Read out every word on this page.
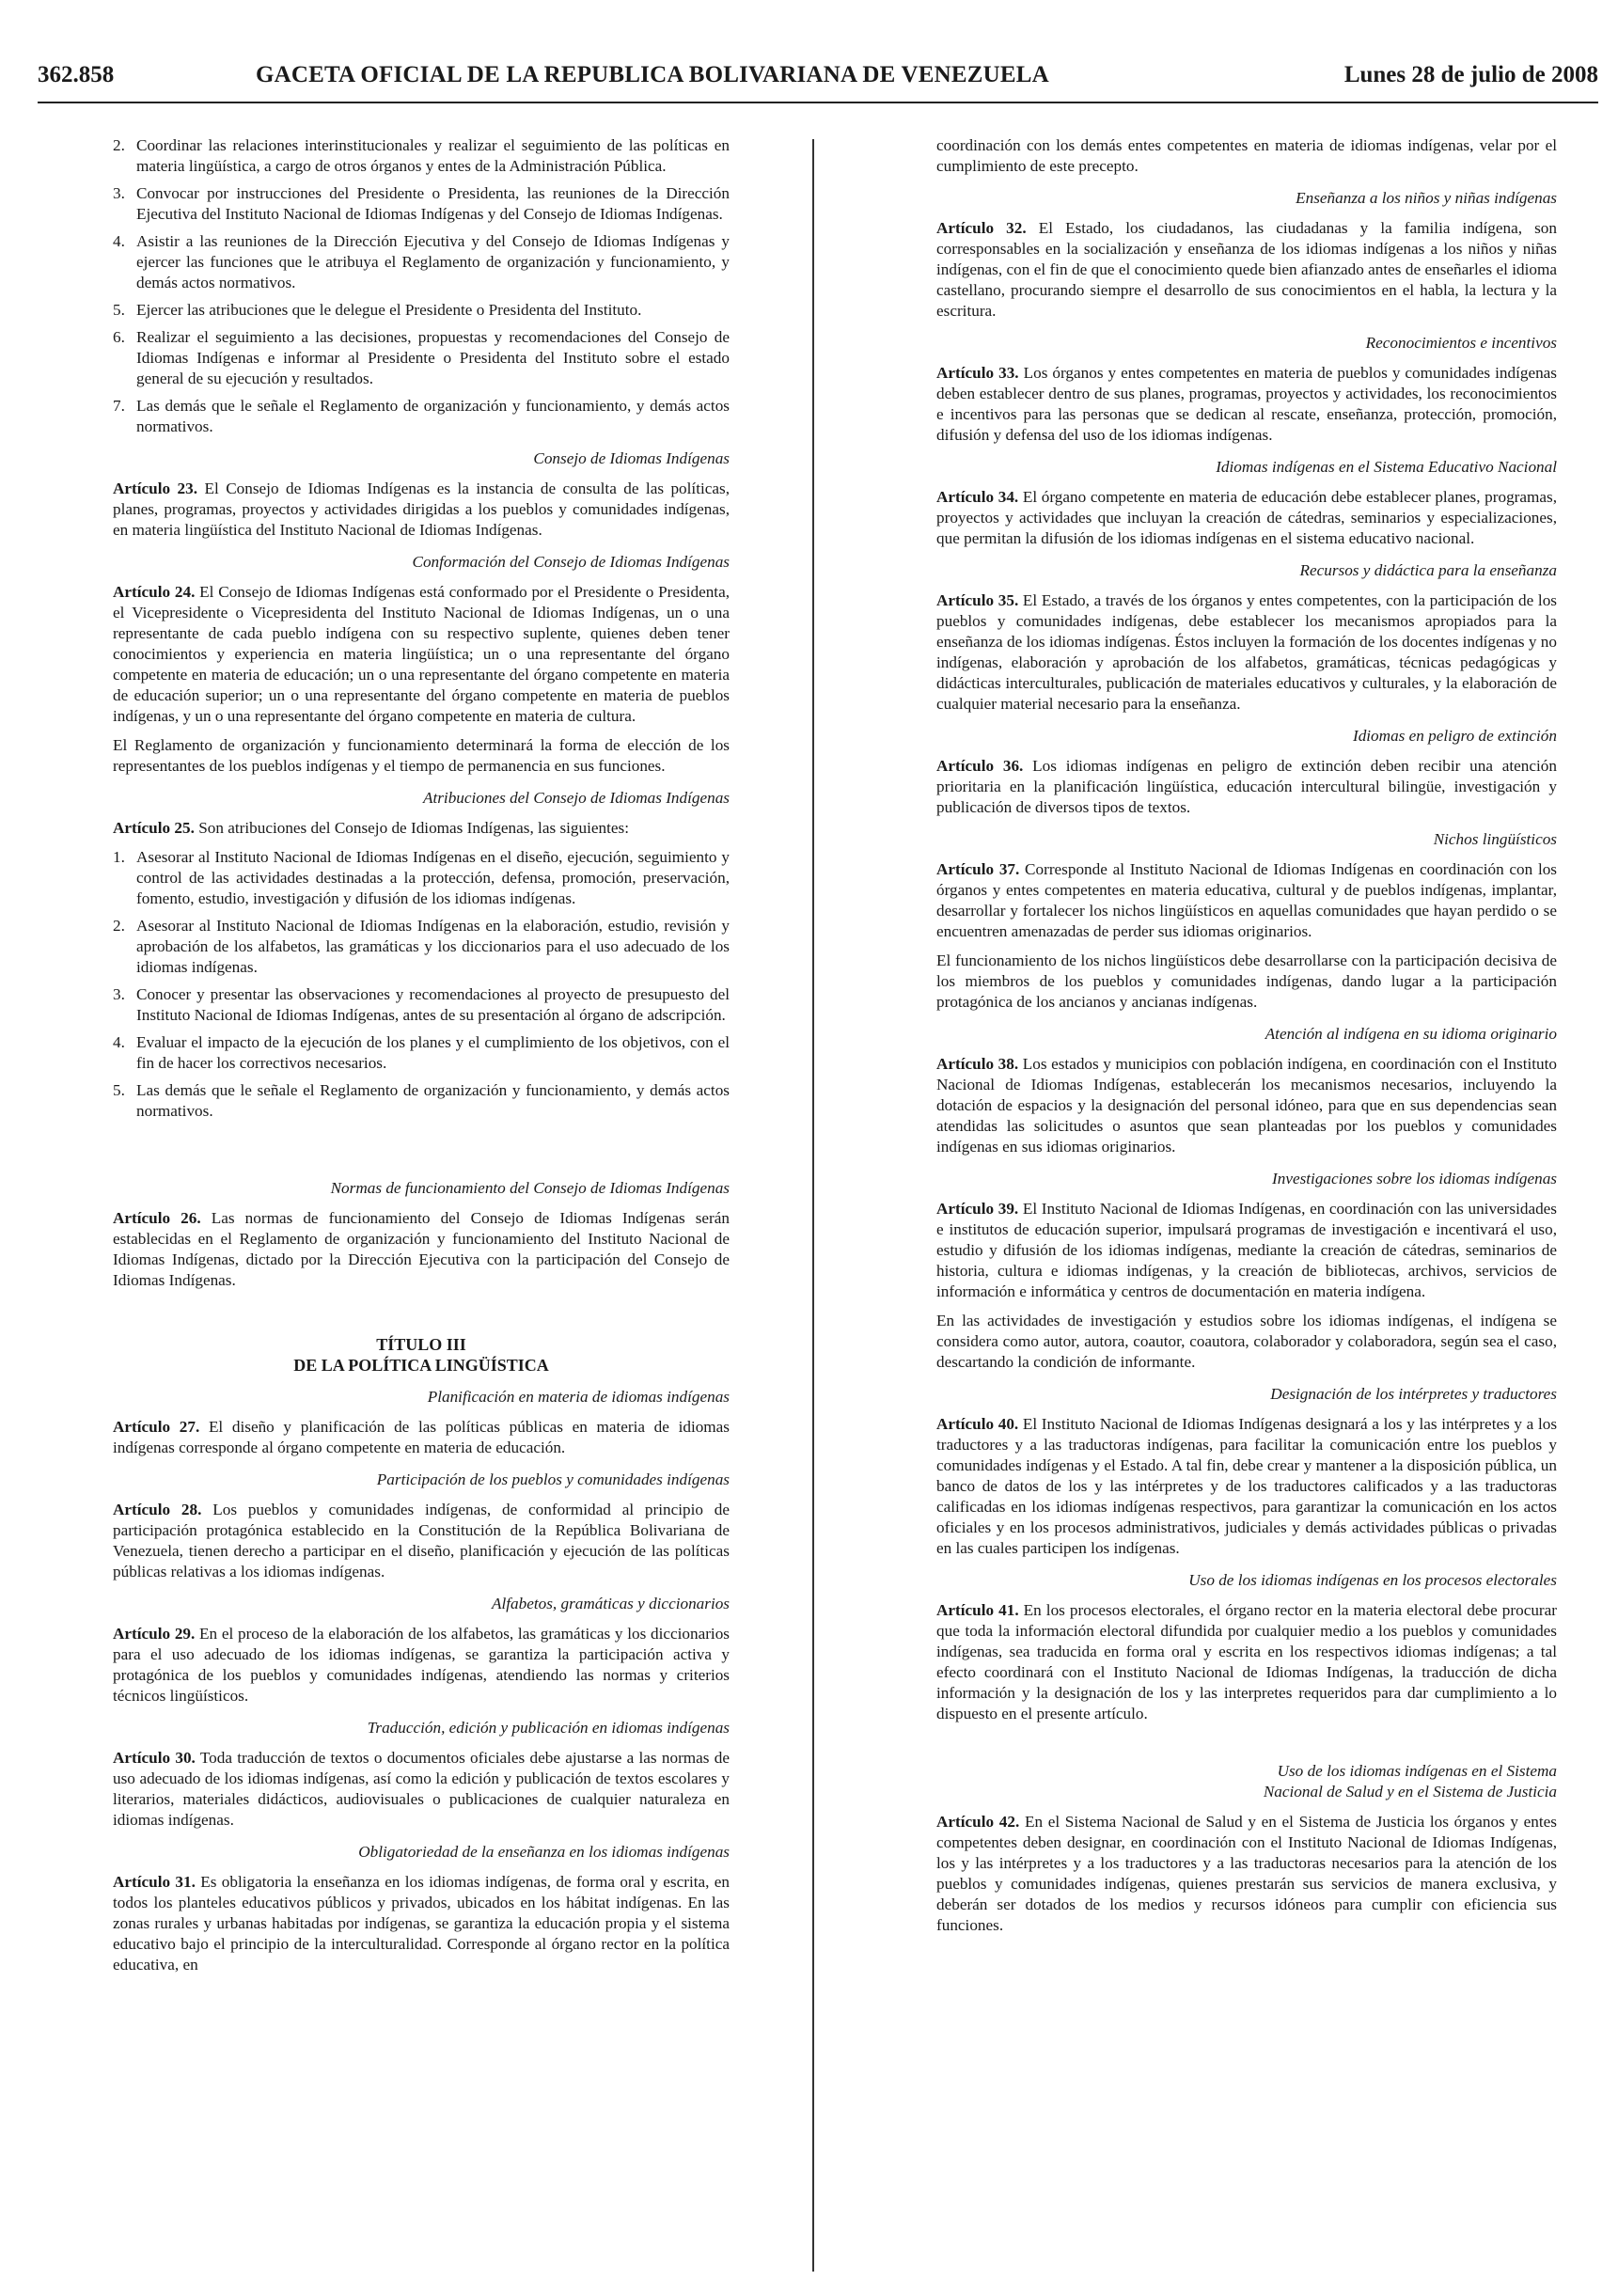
362.858	GACETA OFICIAL DE LA REPUBLICA BOLIVARIANA DE VENEZUELA	Lunes 28 de julio de 2008
2. Coordinar las relaciones interinstitucionales y realizar el seguimiento de las políticas en materia lingüística, a cargo de otros órganos y entes de la Administración Pública.
3. Convocar por instrucciones del Presidente o Presidenta, las reuniones de la Dirección Ejecutiva del Instituto Nacional de Idiomas Indígenas y del Consejo de Idiomas Indígenas.
4. Asistir a las reuniones de la Dirección Ejecutiva y del Consejo de Idiomas Indígenas y ejercer las funciones que le atribuya el Reglamento de organización y funcionamiento, y demás actos normativos.
5. Ejercer las atribuciones que le delegue el Presidente o Presidenta del Instituto.
6. Realizar el seguimiento a las decisiones, propuestas y recomendaciones del Consejo de Idiomas Indígenas e informar al Presidente o Presidenta del Instituto sobre el estado general de su ejecución y resultados.
7. Las demás que le señale el Reglamento de organización y funcionamiento, y demás actos normativos.
Consejo de Idiomas Indígenas

Artículo 23. El Consejo de Idiomas Indígenas es la instancia de consulta de las políticas, planes, programas, proyectos y actividades dirigidas a los pueblos y comunidades indígenas, en materia lingüística del Instituto Nacional de Idiomas Indígenas.

Conformación del Consejo de Idiomas Indígenas

Artículo 24. El Consejo de Idiomas Indígenas está conformado por el Presidente o Presidenta, el Vicepresidente o Vicepresidenta del Instituto Nacional de Idiomas Indígenas, un o una representante de cada pueblo indígena con su respectivo suplente, quienes deben tener conocimientos y experiencia en materia lingüística; un o una representante del órgano competente en materia de educación; un o una representante del órgano competente en materia de educación superior; un o una representante del órgano competente en materia de pueblos indígenas, y un o una representante del órgano competente en materia de cultura.

El Reglamento de organización y funcionamiento determinará la forma de elección de los representantes de los pueblos indígenas y el tiempo de permanencia en sus funciones.

Atribuciones del Consejo de Idiomas Indígenas

Artículo 25. Son atribuciones del Consejo de Idiomas Indígenas, las siguientes:

1. Asesorar al Instituto Nacional de Idiomas Indígenas en el diseño, ejecución, seguimiento y control de las actividades destinadas a la protección, defensa, promoción, preservación, fomento, estudio, investigación y difusión de los idiomas indígenas.
2. Asesorar al Instituto Nacional de Idiomas Indígenas en la elaboración, estudio, revisión y aprobación de los alfabetos, las gramáticas y los diccionarios para el uso adecuado de los idiomas indígenas.
3. Conocer y presentar las observaciones y recomendaciones al proyecto de presupuesto del Instituto Nacional de Idiomas Indígenas, antes de su presentación al órgano de adscripción.
4. Evaluar el impacto de la ejecución de los planes y el cumplimiento de los objetivos, con el fin de hacer los correctivos necesarios.
5. Las demás que le señale el Reglamento de organización y funcionamiento, y demás actos normativos.
Normas de funcionamiento del Consejo de Idiomas Indígenas

Artículo 26. Las normas de funcionamiento del Consejo de Idiomas Indígenas serán establecidas en el Reglamento de organización y funcionamiento del Instituto Nacional de Idiomas Indígenas, dictado por la Dirección Ejecutiva con la participación del Consejo de Idiomas Indígenas.

TÍTULO III
DE LA POLÍTICA LINGÜÍSTICA
Planificación en materia de idiomas indígenas

Artículo 27. El diseño y planificación de las políticas públicas en materia de idiomas indígenas corresponde al órgano competente en materia de educación.

Participación de los pueblos y comunidades indígenas

Artículo 28. Los pueblos y comunidades indígenas, de conformidad al principio de participación protagónica establecido en la Constitución de la República Bolivariana de Venezuela, tienen derecho a participar en el diseño, planificación y ejecución de las políticas públicas relativas a los idiomas indígenas.

Alfabetos, gramáticas y diccionarios

Artículo 29. En el proceso de la elaboración de los alfabetos, las gramáticas y los diccionarios para el uso adecuado de los idiomas indígenas, se garantiza la participación activa y protagónica de los pueblos y comunidades indígenas, atendiendo las normas y criterios técnicos lingüísticos.

Traducción, edición y publicación en idiomas indígenas

Artículo 30. Toda traducción de textos o documentos oficiales debe ajustarse a las normas de uso adecuado de los idiomas indígenas, así como la edición y publicación de textos escolares y literarios, materiales didácticos, audiovisuales o publicaciones de cualquier naturaleza en idiomas indígenas.

Obligatoriedad de la enseñanza en los idiomas indígenas

Artículo 31. Es obligatoria la enseñanza en los idiomas indígenas, de forma oral y escrita, en todos los planteles educativos públicos y privados, ubicados en los hábitat indígenas. En las zonas rurales y urbanas habitadas por indígenas, se garantiza la educación propia y el sistema educativo bajo el principio de la interculturalidad. Corresponde al órgano rector en la política educativa, en

coordinación con los demás entes competentes en materia de idiomas indígenas, velar por el cumplimiento de este precepto.

Enseñanza a los niños y niñas indígenas

Artículo 32. El Estado, los ciudadanos, las ciudadanas y la familia indígena, son corresponsables en la socialización y enseñanza de los idiomas indígenas a los niños y niñas indígenas, con el fin de que el conocimiento quede bien afianzado antes de enseñarles el idioma castellano, procurando siempre el desarrollo de sus conocimientos en el habla, la lectura y la escritura.

Reconocimientos e incentivos

Artículo 33. Los órganos y entes competentes en materia de pueblos y comunidades indígenas deben establecer dentro de sus planes, programas, proyectos y actividades, los reconocimientos e incentivos para las personas que se dedican al rescate, enseñanza, protección, promoción, difusión y defensa del uso de los idiomas indígenas.

Idiomas indígenas en el Sistema Educativo Nacional

Artículo 34. El órgano competente en materia de educación debe establecer planes, programas, proyectos y actividades que incluyan la creación de cátedras, seminarios y especializaciones, que permitan la difusión de los idiomas indígenas en el sistema educativo nacional.

Recursos y didáctica para la enseñanza

Artículo 35. El Estado, a través de los órganos y entes competentes, con la participación de los pueblos y comunidades indígenas, debe establecer los mecanismos apropiados para la enseñanza de los idiomas indígenas. Éstos incluyen la formación de los docentes indígenas y no indígenas, elaboración y aprobación de los alfabetos, gramáticas, técnicas pedagógicas y didácticas interculturales, publicación de materiales educativos y culturales, y la elaboración de cualquier material necesario para la enseñanza.

Idiomas en peligro de extinción

Artículo 36. Los idiomas indígenas en peligro de extinción deben recibir una atención prioritaria en la planificación lingüística, educación intercultural bilingüe, investigación y publicación de diversos tipos de textos.

Nichos lingüísticos

Artículo 37. Corresponde al Instituto Nacional de Idiomas Indígenas en coordinación con los órganos y entes competentes en materia educativa, cultural y de pueblos indígenas, implantar, desarrollar y fortalecer los nichos lingüísticos en aquellas comunidades que hayan perdido o se encuentren amenazadas de perder sus idiomas originarios.

El funcionamiento de los nichos lingüísticos debe desarrollarse con la participación decisiva de los miembros de los pueblos y comunidades indígenas, dando lugar a la participación protagónica de los ancianos y ancianas indígenas.

Atención al indígena en su idioma originario

Artículo 38. Los estados y municipios con población indígena, en coordinación con el Instituto Nacional de Idiomas Indígenas, establecerán los mecanismos necesarios, incluyendo la dotación de espacios y la designación del personal idóneo, para que en sus dependencias sean atendidas las solicitudes o asuntos que sean planteadas por los pueblos y comunidades indígenas en sus idiomas originarios.

Investigaciones sobre los idiomas indígenas

Artículo 39. El Instituto Nacional de Idiomas Indígenas, en coordinación con las universidades e institutos de educación superior, impulsará programas de investigación e incentivará el uso, estudio y difusión de los idiomas indígenas, mediante la creación de cátedras, seminarios de historia, cultura e idiomas indígenas, y la creación de bibliotecas, archivos, servicios de información e informática y centros de documentación en materia indígena.

En las actividades de investigación y estudios sobre los idiomas indígenas, el indígena se considera como autor, autora, coautor, coautora, colaborador y colaboradora, según sea el caso, descartando la condición de informante.

Designación de los intérpretes y traductores

Artículo 40. El Instituto Nacional de Idiomas Indígenas designará a los y las intérpretes y a los traductores y a las traductoras indígenas, para facilitar la comunicación entre los pueblos y comunidades indígenas y el Estado. A tal fin, debe crear y mantener a la disposición pública, un banco de datos de los y las intérpretes y de los traductores calificados y a las traductoras calificadas en los idiomas indígenas respectivos, para garantizar la comunicación en los actos oficiales y en los procesos administrativos, judiciales y demás actividades públicas o privadas en las cuales participen los indígenas.

Uso de los idiomas indígenas en los procesos electorales

Artículo 41. En los procesos electorales, el órgano rector en la materia electoral debe procurar que toda la información electoral difundida por cualquier medio a los pueblos y comunidades indígenas, sea traducida en forma oral y escrita en los respectivos idiomas indígenas; a tal efecto coordinará con el Instituto Nacional de Idiomas Indígenas, la traducción de dicha información y la designación de los y las interpretes requeridos para dar cumplimiento a lo dispuesto en el presente artículo.

Uso de los idiomas indígenas en el Sistema
Nacional de Salud y en el Sistema de Justicia

Artículo 42. En el Sistema Nacional de Salud y en el Sistema de Justicia los órganos y entes competentes deben designar, en coordinación con el Instituto Nacional de Idiomas Indígenas, los y las intérpretes y a los traductores y a las traductoras necesarios para la atención de los pueblos y comunidades indígenas, quienes prestarán sus servicios de manera exclusiva, y deberán ser dotados de los medios y recursos idóneos para cumplir con eficiencia sus funciones.
